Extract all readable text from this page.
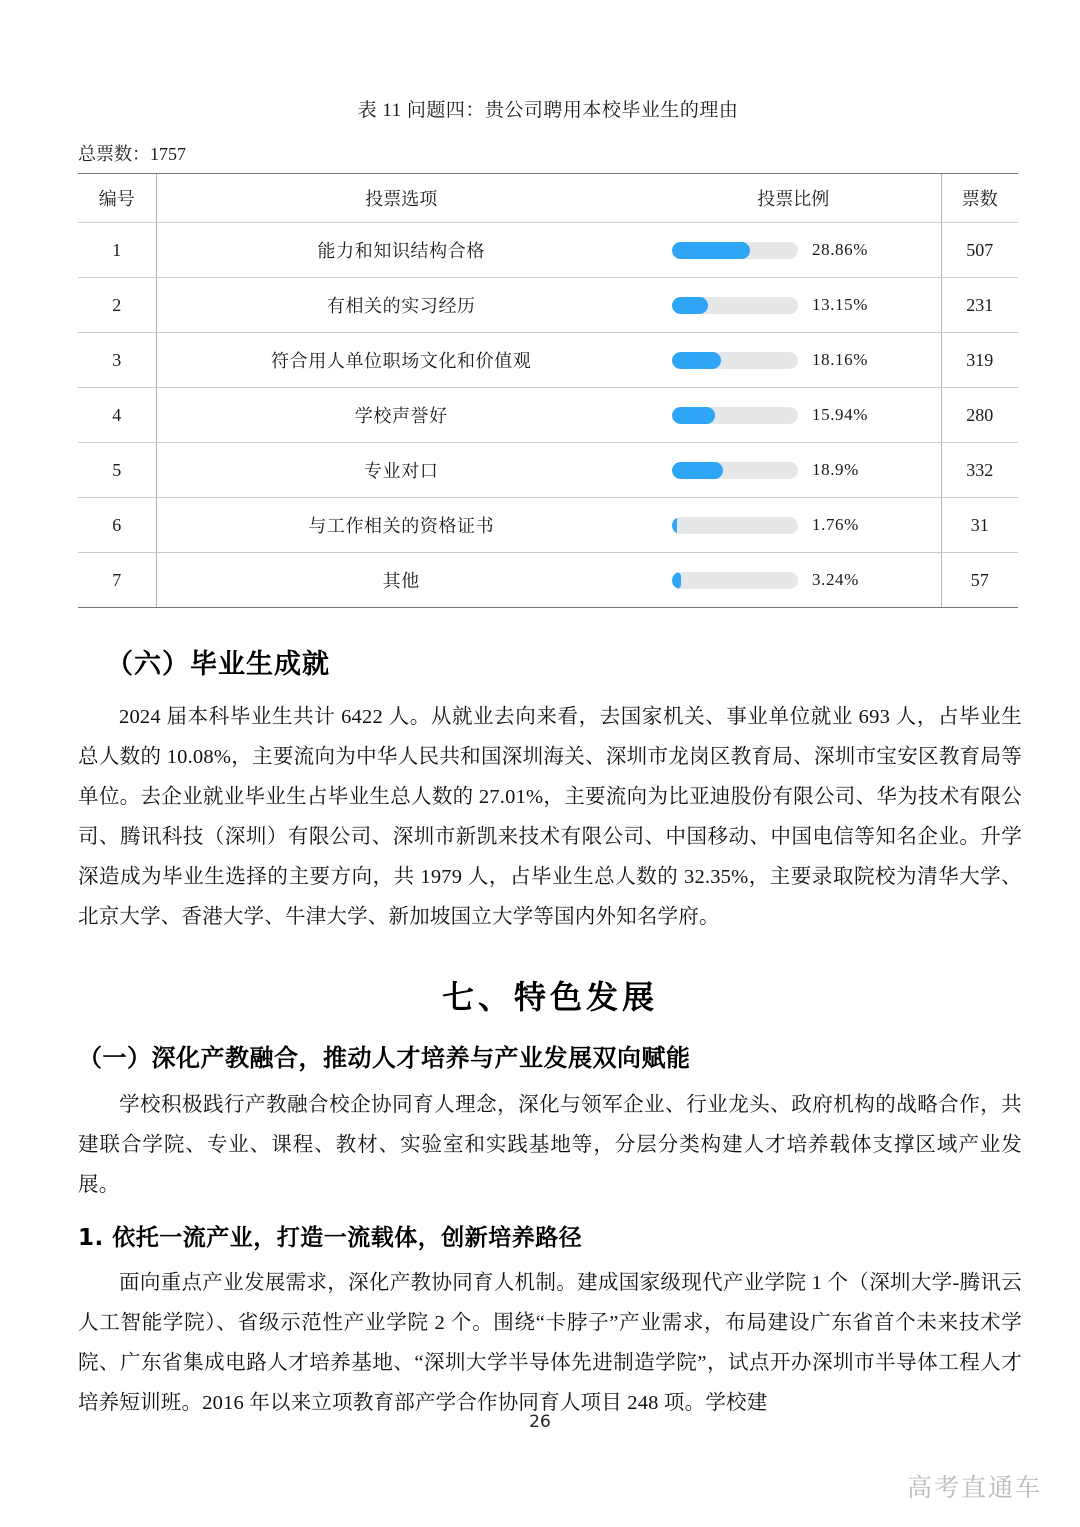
表 11 问题四：贵公司聘用本校毕业生的理由
总票数：1757
编号	投票选项	投票比例	票数
1	能力和知识结构合格	28.86%	507
2	有相关的实习经历	13.15%	231
3	符合用人单位职场文化和价值观	18.16%	319
4	学校声誉好	15.94%	280
5	专业对口	18.9%	332
6	与工作相关的资格证书	1.76%	31
7	其他	3.24%	57
（六）毕业生成就

2024 届本科毕业生共计 6422 人。从就业去向来看，去国家机关、事业单位就业 693 人，占毕业生总人数的 10.08%，主要流向为中华人民共和国深圳海关、深圳市龙岗区教育局、深圳市宝安区教育局等单位。去企业就业毕业生占毕业生总人数的 27.01%，主要流向为比亚迪股份有限公司、华为技术有限公司、腾讯科技（深圳）有限公司、深圳市新凯来技术有限公司、中国移动、中国电信等知名企业。升学深造成为毕业生选择的主要方向，共 1979 人，占毕业生总人数的 32.35%，主要录取院校为清华大学、北京大学、香港大学、牛津大学、新加坡国立大学等国内外知名学府。

七、特色发展
（一）深化产教融合，推动人才培养与产业发展双向赋能

学校积极践行产教融合校企协同育人理念，深化与领军企业、行业龙头、政府机构的战略合作，共建联合学院、专业、课程、教材、实验室和实践基地等，分层分类构建人才培养载体支撑区域产业发展。

1. 依托一流产业，打造一流载体，创新培养路径

面向重点产业发展需求，深化产教协同育人机制。建成国家级现代产业学院 1 个（深圳大学-腾讯云人工智能学院）、省级示范性产业学院 2 个。围绕“卡脖子”产业需求，布局建设广东省首个未来技术学院、广东省集成电路人才培养基地、“深圳大学半导体先进制造学院”，试点开办深圳市半导体工程人才培养短训班。2016 年以来立项教育部产学合作协同育人项目 248 项。学校建

26
高考直通车
